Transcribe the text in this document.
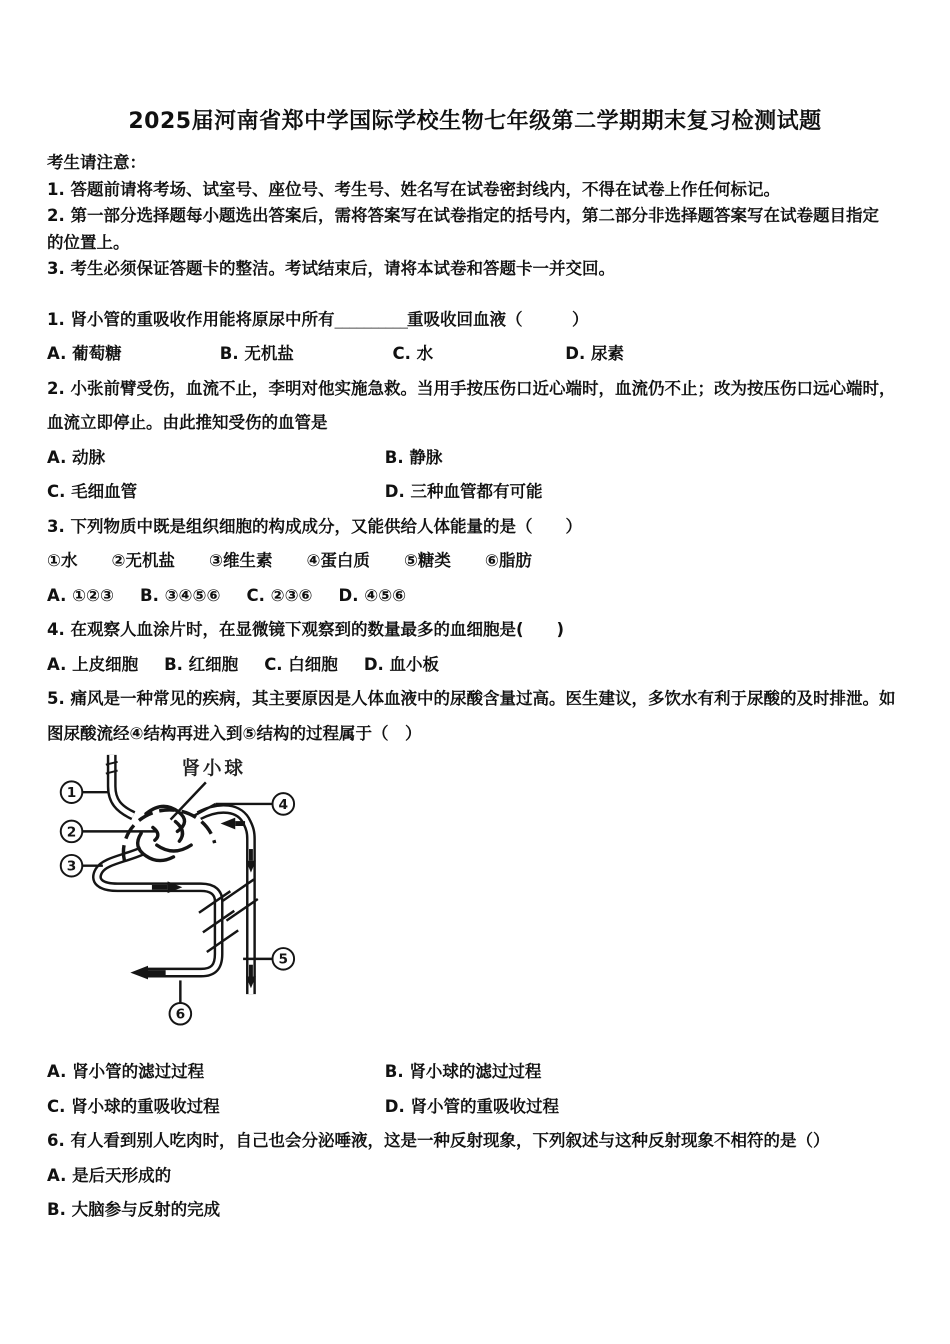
2025届河南省郑中学国际学校生物七年级第二学期期末复习检测试题
考生请注意：
1. 答题前请将考场、试室号、座位号、考生号、姓名写在试卷密封线内，不得在试卷上作任何标记。
2. 第一部分选择题每小题选出答案后，需将答案写在试卷指定的括号内，第二部分非选择题答案写在试卷题目指定
的位置上。
3. 考生必须保证答题卡的整洁。考试结束后，请将本试卷和答题卡一并交回。
1. 肾小管的重吸收作用能将原尿中所有__________重吸收回血液（　　　）
A. 葡萄糖	B. 无机盐	C. 水	D. 尿素
2. 小张前臂受伤，血流不止，李明对他实施急救。当用手按压伤口近心端时，血流仍不止；改为按压伤口远心端时，
血流立即停止。由此推知受伤的血管是
A. 动脉	B. 静脉
C. 毛细血管	D. 三种血管都有可能
3. 下列物质中既是组织细胞的构成成分，又能供给人体能量的是（　　）
①水 ②无机盐 ③维生素 ④蛋白质 ⑤糖类 ⑥脂肪
A. ①②③ B. ③④⑤⑥ C. ②③⑥ D. ④⑤⑥
4. 在观察人血涂片时，在显微镜下观察到的数量最多的血细胞是(　　)
A. 上皮细胞 B. 红细胞 C. 白细胞 D. 血小板
5. 痛风是一种常见的疾病，其主要原因是人体血液中的尿酸含量过高。医生建议，多饮水有利于尿酸的及时排泄。如
图尿酸流经④结构再进入到⑤结构的过程属于（　）
肾小球
1
2
3
4
5
6
A. 肾小管的滤过过程	B. 肾小球的滤过过程
C. 肾小球的重吸收过程	D. 肾小管的重吸收过程
6. 有人看到别人吃肉时，自己也会分泌唾液，这是一种反射现象，下列叙述与这种反射现象不相符的是（）
A. 是后天形成的
B. 大脑参与反射的完成
